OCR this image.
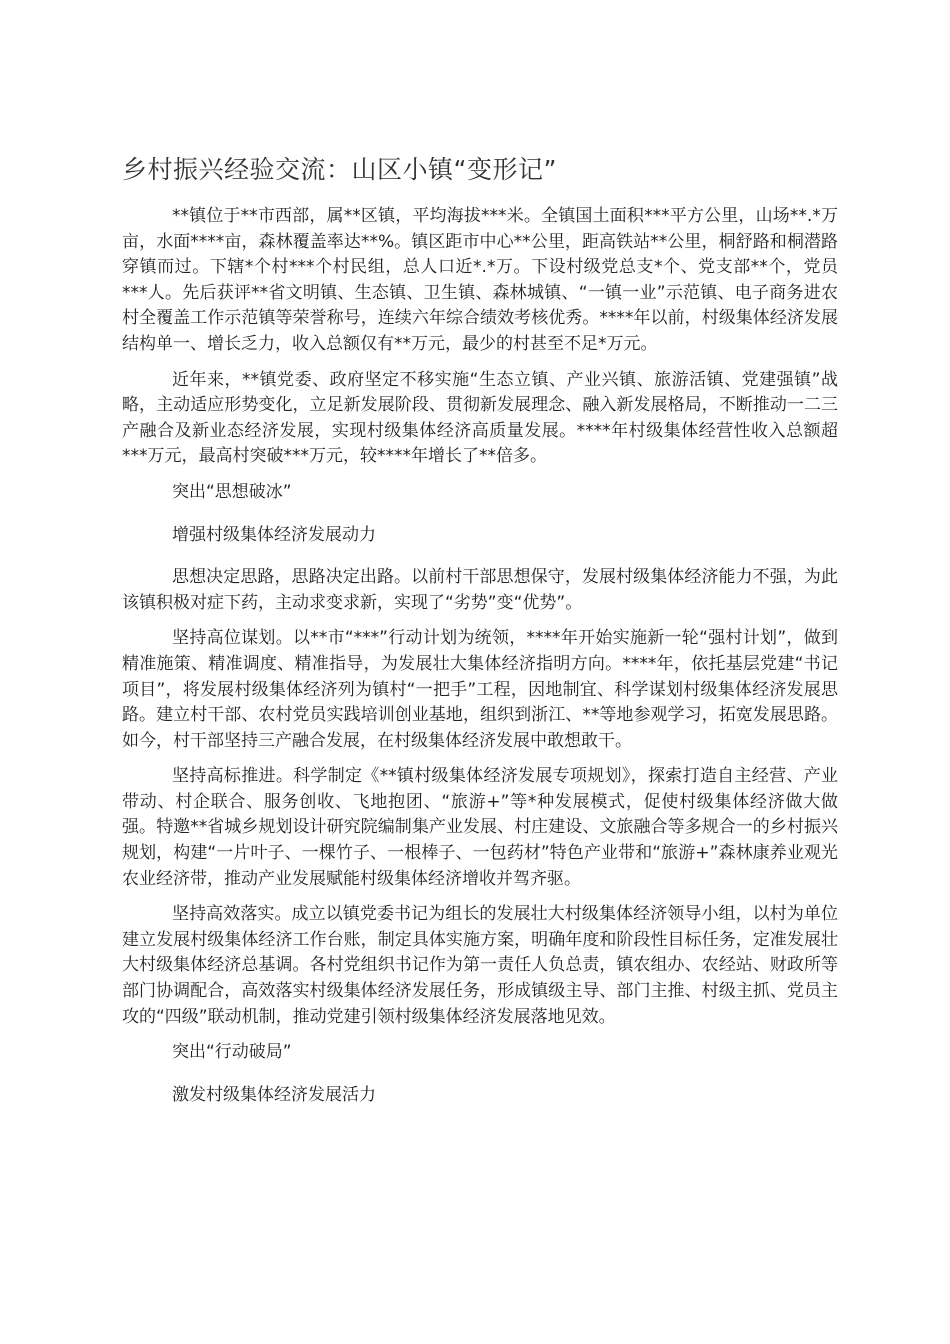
乡村振兴经验交流：山区小镇“变形记”

**镇位于**市西部，属**区镇，平均海拔***米。全镇国土面积***平方公里，山场**.*万亩，水面****亩，森林覆盖率达**%。镇区距市中心**公里，距高铁站**公里，桐舒路和桐潜路穿镇而过。下辖*个村***个村民组，总人口近*.*万。下设村级党总支*个、党支部**个，党员***人。先后获评**省文明镇、生态镇、卫生镇、森林城镇、“一镇一业”示范镇、电子商务进农村全覆盖工作示范镇等荣誉称号，连续六年综合绩效考核优秀。****年以前，村级集体经济发展结构单一、增长乏力，收入总额仅有**万元，最少的村甚至不足*万元。

近年来，**镇党委、政府坚定不移实施“生态立镇、产业兴镇、旅游活镇、党建强镇”战略，主动适应形势变化，立足新发展阶段、贯彻新发展理念、融入新发展格局，不断推动一二三产融合及新业态经济发展，实现村级集体经济高质量发展。****年村级集体经营性收入总额超***万元，最高村突破***万元，较****年增长了**倍多。

突出“思想破冰”

增强村级集体经济发展动力

思想决定思路，思路决定出路。以前村干部思想保守，发展村级集体经济能力不强，为此该镇积极对症下药，主动求变求新，实现了“劣势”变“优势”。

坚持高位谋划。以**市“***”行动计划为统领，****年开始实施新一轮“强村计划”，做到精准施策、精准调度、精准指导，为发展壮大集体经济指明方向。****年，依托基层党建“书记项目”，将发展村级集体经济列为镇村“一把手”工程，因地制宜、科学谋划村级集体经济发展思路。建立村干部、农村党员实践培训创业基地，组织到浙江、**等地参观学习，拓宽发展思路。如今，村干部坚持三产融合发展，在村级集体经济发展中敢想敢干。

坚持高标推进。科学制定《**镇村级集体经济发展专项规划》，探索打造自主经营、产业带动、村企联合、服务创收、飞地抱团、“旅游+”等*种发展模式，促使村级集体经济做大做强。特邀**省城乡规划设计研究院编制集产业发展、村庄建设、文旅融合等多规合一的乡村振兴规划，构建“一片叶子、一棵竹子、一根棒子、一包药材”特色产业带和“旅游+”森林康养业观光农业经济带，推动产业发展赋能村级集体经济增收并驾齐驱。

坚持高效落实。成立以镇党委书记为组长的发展壮大村级集体经济领导小组，以村为单位建立发展村级集体经济工作台账，制定具体实施方案，明确年度和阶段性目标任务，定准发展壮大村级集体经济总基调。各村党组织书记作为第一责任人负总责，镇农组办、农经站、财政所等部门协调配合，高效落实村级集体经济发展任务，形成镇级主导、部门主推、村级主抓、党员主攻的“四级”联动机制，推动党建引领村级集体经济发展落地见效。

突出“行动破局”

激发村级集体经济发展活力
